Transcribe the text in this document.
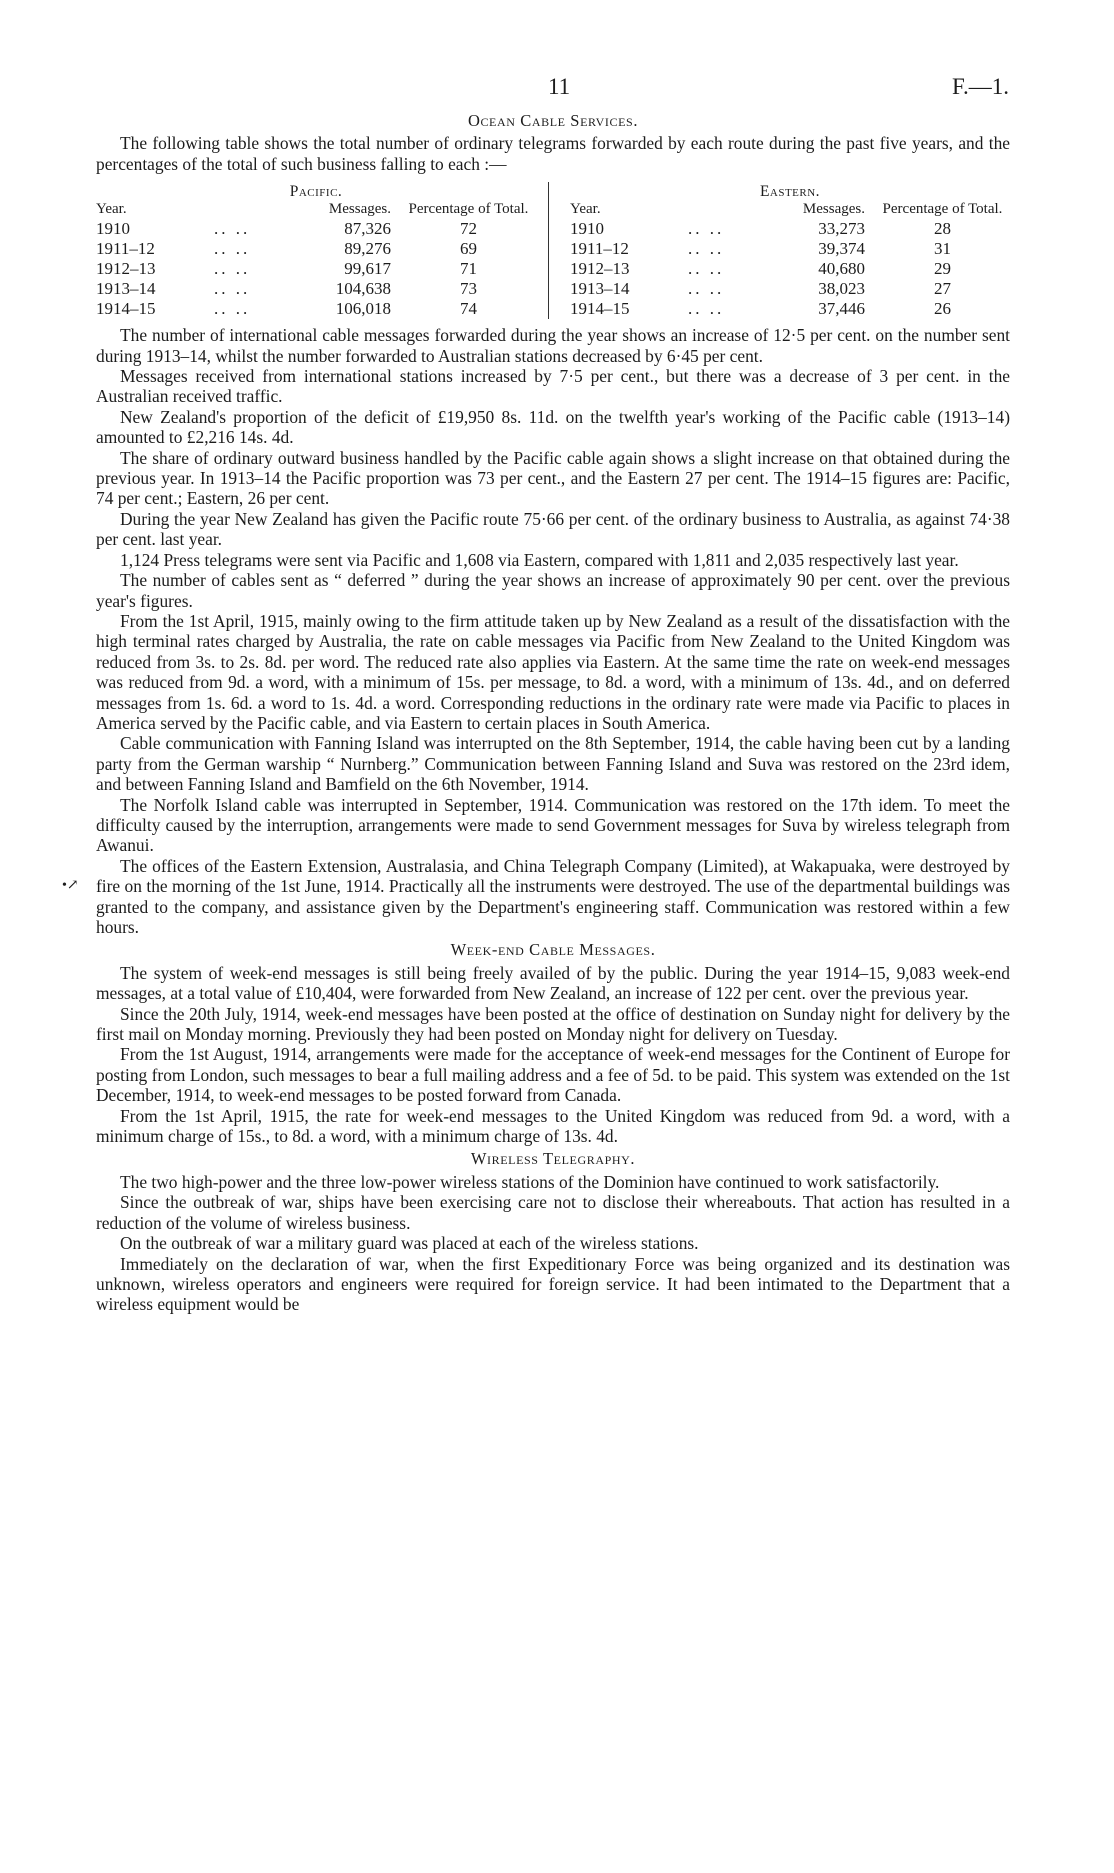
11	F.—1.
Ocean Cable Services.

The following table shows the total number of ordinary telegrams forwarded by each route during the past five years, and the percentages of the total of such business falling to each :—

Pacific.
Year.		Messages.	Percentage of Total.
1910	.. ..	87,326	72
1911–12	.. ..	89,276	69
1912–13	.. ..	99,617	71
1913–14	.. ..	104,638	73
1914–15	.. ..	106,018	74
Eastern.
Year.		Messages.	Percentage of Total.
1910	.. ..	33,273	28
1911–12	.. ..	39,374	31
1912–13	.. ..	40,680	29
1913–14	.. ..	38,023	27
1914–15	.. ..	37,446	26

The number of international cable messages forwarded during the year shows an increase of 12·5 per cent. on the number sent during 1913–14, whilst the number forwarded to Australian stations decreased by 6·45 per cent.

Messages received from international stations increased by 7·5 per cent., but there was a decrease of 3 per cent. in the Australian received traffic.

New Zealand's proportion of the deficit of £19,950 8s. 11d. on the twelfth year's working of the Pacific cable (1913–14) amounted to £2,216 14s. 4d.

The share of ordinary outward business handled by the Pacific cable again shows a slight increase on that obtained during the previous year. In 1913–14 the Pacific proportion was 73 per cent., and the Eastern 27 per cent. The 1914–15 figures are: Pacific, 74 per cent.; Eastern, 26 per cent.

During the year New Zealand has given the Pacific route 75·66 per cent. of the ordinary business to Australia, as against 74·38 per cent. last year.

1,124 Press telegrams were sent via Pacific and 1,608 via Eastern, compared with 1,811 and 2,035 respectively last year.

The number of cables sent as “ deferred ” during the year shows an increase of approximately 90 per cent. over the previous year's figures.

From the 1st April, 1915, mainly owing to the firm attitude taken up by New Zealand as a result of the dissatisfaction with the high terminal rates charged by Australia, the rate on cable messages via Pacific from New Zealand to the United Kingdom was reduced from 3s. to 2s. 8d. per word. The reduced rate also applies via Eastern. At the same time the rate on week-end messages was reduced from 9d. a word, with a minimum of 15s. per message, to 8d. a word, with a minimum of 13s. 4d., and on deferred messages from 1s. 6d. a word to 1s. 4d. a word. Corresponding reductions in the ordinary rate were made via Pacific to places in America served by the Pacific cable, and via Eastern to certain places in South America.

Cable communication with Fanning Island was interrupted on the 8th September, 1914, the cable having been cut by a landing party from the German warship “ Nurnberg.” Communication between Fanning Island and Suva was restored on the 23rd idem, and between Fanning Island and Bamfield on the 6th November, 1914.

The Norfolk Island cable was interrupted in September, 1914. Communication was restored on the 17th idem. To meet the difficulty caused by the interruption, arrangements were made to send Government messages for Suva by wireless telegraph from Awanui.

•↗

The offices of the Eastern Extension, Australasia, and China Telegraph Company (Limited), at Wakapuaka, were destroyed by fire on the morning of the 1st June, 1914. Practically all the instruments were destroyed. The use of the departmental buildings was granted to the company, and assistance given by the Department's engineering staff. Communication was restored within a few hours.

Week-end Cable Messages.

The system of week-end messages is still being freely availed of by the public. During the year 1914–15, 9,083 week-end messages, at a total value of £10,404, were forwarded from New Zealand, an increase of 122 per cent. over the previous year.

Since the 20th July, 1914, week-end messages have been posted at the office of destination on Sunday night for delivery by the first mail on Monday morning. Previously they had been posted on Monday night for delivery on Tuesday.

From the 1st August, 1914, arrangements were made for the acceptance of week-end messages for the Continent of Europe for posting from London, such messages to bear a full mailing address and a fee of 5d. to be paid. This system was extended on the 1st December, 1914, to week-end messages to be posted forward from Canada.

From the 1st April, 1915, the rate for week-end messages to the United Kingdom was reduced from 9d. a word, with a minimum charge of 15s., to 8d. a word, with a minimum charge of 13s. 4d.

Wireless Telegraphy.

The two high-power and the three low-power wireless stations of the Dominion have continued to work satisfactorily.

Since the outbreak of war, ships have been exercising care not to disclose their whereabouts. That action has resulted in a reduction of the volume of wireless business.

On the outbreak of war a military guard was placed at each of the wireless stations.

Immediately on the declaration of war, when the first Expeditionary Force was being organized and its destination was unknown, wireless operators and engineers were required for foreign service. It had been intimated to the Department that a wireless equipment would be
